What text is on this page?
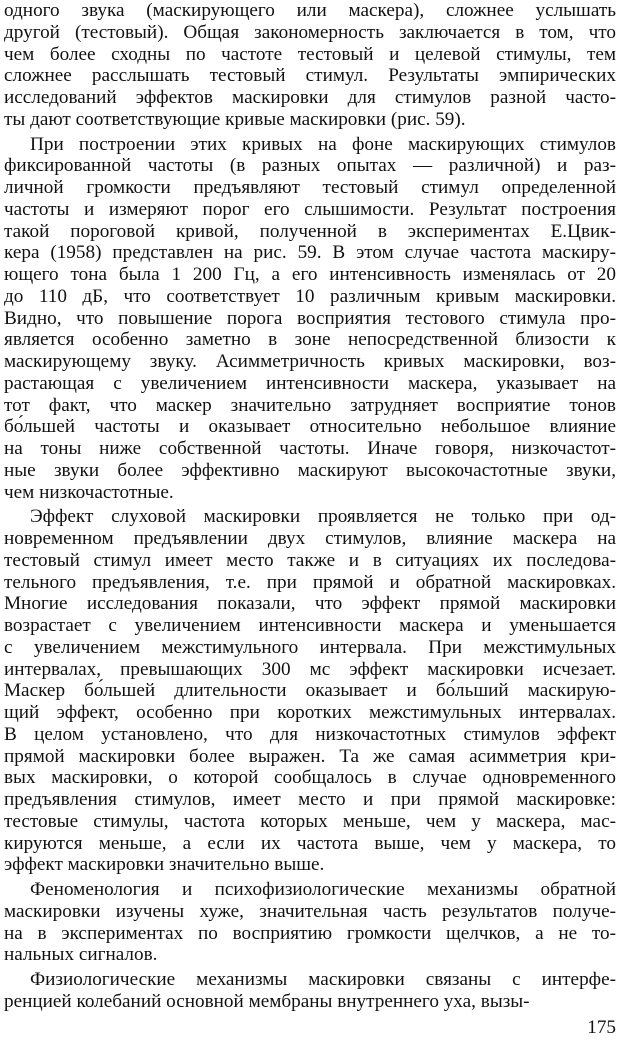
одного звука (маскирующего или маскера), сложнее услышать
другой (тестовый). Общая закономерность заключается в том, что
чем более сходны по частоте тестовый и целевой стимулы, тем
сложнее расслышать тестовый стимул. Результаты эмпирических
исследований эффектов маскировки для стимулов разной часто-
ты дают соответствующие кривые маскировки (рис. 59).
При построении этих кривых на фоне маскирующих стимулов
фиксированной частоты (в разных опытах — различной) и раз-
личной громкости предъявляют тестовый стимул определенной
частоты и измеряют порог его слышимости. Результат построения
такой пороговой кривой, полученной в экспериментах Е.Цвик-
кера (1958) представлен на рис. 59. В этом случае частота маскиру-
ющего тона была 1 200 Гц, а его интенсивность изменялась от 20
до 110 дБ, что соответствует 10 различным кривым маскировки.
Видно, что повышение порога восприятия тестового стимула про-
является особенно заметно в зоне непосредственной близости к
маскирующему звуку. Асимметричность кривых маскировки, воз-
растающая с увеличением интенсивности маскера, указывает на
тот факт, что маскер значительно затрудняет восприятие тонов
бо́льшей частоты и оказывает относительно небольшое влияние
на тоны ниже собственной частоты. Иначе говоря, низкочастот-
ные звуки более эффективно маскируют высокочастотные звуки,
чем низкочастотные.
Эффект слуховой маскировки проявляется не только при од-
новременном предъявлении двух стимулов, влияние маскера на
тестовый стимул имеет место также и в ситуациях их последова-
тельного предъявления, т.е. при прямой и обратной маскировках.
Многие исследования показали, что эффект прямой маскировки
возрастает с увеличением интенсивности маскера и уменьшается
с увеличением межстимульного интервала. При межстимульных
интервалах, превышающих 300 мс эффект маскировки исчезает.
Маскер бо́льшей длительности оказывает и бо́льший маскирую-
щий эффект, особенно при коротких межстимульных интервалах.
В целом установлено, что для низкочастотных стимулов эффект
прямой маскировки более выражен. Та же самая асимметрия кри-
вых маскировки, о которой сообщалось в случае одновременного
предъявления стимулов, имеет место и при прямой маскировке:
тестовые стимулы, частота которых меньше, чем у маскера, мас-
кируются меньше, а если их частота выше, чем у маскера, то
эффект маскировки значительно выше.
Феноменология и психофизиологические механизмы обратной
маскировки изучены хуже, значительная часть результатов получе-
на в экспериментах по восприятию громкости щелчков, а не то-
нальных сигналов.
Физиологические механизмы маскировки связаны с интерфе-
ренцией колебаний основной мембраны внутреннего уха, вызы-
175
